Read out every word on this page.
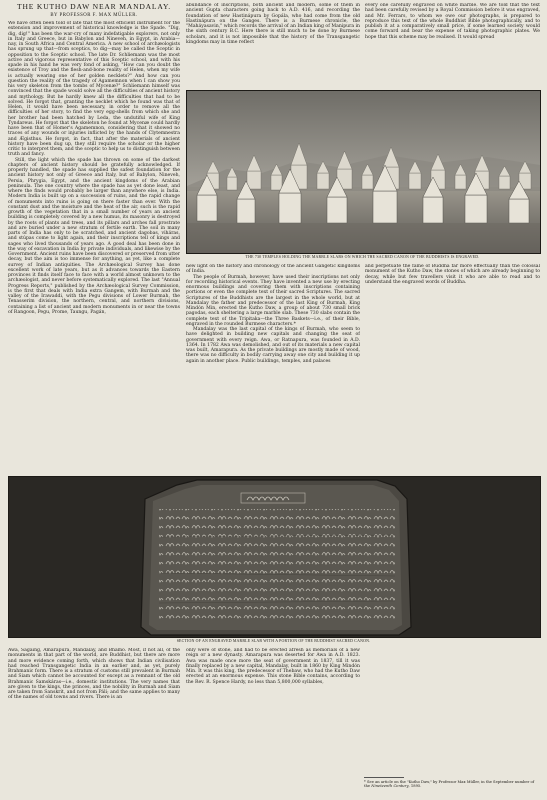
THE KUTHO DAW NEAR MANDALAY.
BY PROFESSOR F. MAX MÜLLER.

We have often been told of late that the most efficient instrument for the extension and improvement of historical knowledge is the Spade. "Dig, dig, dig!" has been the war-cry of many indefatigable explorers, not only in Italy and Greece, but in Babylon and Nineveh, in Egypt, in Arabia—nay, in South Africa and Central America. A new school of archæologists has sprung up that—from sceptics, to dig—may be called the Sceptic in opposition to the Sceptic school. The late Dr. Schliemann was the most active and vigorous representative of this Sceptic school, and with his spade in his hand he was very fond of asking, "How can you doubt the existence of Troy and the flesh-and-bone reality of Helen, when my wife is actually wearing one of her golden necklets?" And how can you question the reality of the tragedy of Agamemnon when I can show you his very skeleton from the tombs of Mycenæ?" Schliemann himself was convinced that the spade would solve all the difficulties of ancient history and mythology. But he hardly knew all the difficulties that had to be solved. He forgot that, granting the necklet which he found was that of Helen, it would have been necessary, in order to remove all the difficulties of her story, to find the very egg-shells from which she and her brother had been hatched by Leda, the undutiful wife of King Tyndareus. He forgot that the skeleton he found at Mycenæ could hardly have been that of Homer's Agamemnon, considering that it showed no traces of any wounds or injuries inflicted by the hands of Clytemnestra and Ægisthus. He forgot, in fact, that after the materials of ancient history have been dug up, they still require the scholar or the higher critic to interpret them, and the sceptic to help us to distinguish between truth and fancy.

Still, the light which the spade has thrown on some of the darkest chapters of ancient history should be gratefully acknowledged. If properly handled, the spade has supplied the safest foundation for the ancient history not only of Greece and Italy, but of Babylon, Nineveh, Persia, Phrygia, Egypt, and the ancient kingdoms of the Arabian peninsula. The one country where the spade has as yet done least, and where the finds would probably be larger than anywhere else, is India. Modern India is built up on a succession of ruins, and the rapid change of monuments into ruins is going on there faster than ever. With the constant dust and the moisture and the heat of the air, such is the rapid growth of the vegetation that in a small number of years an ancient building is completely covered by a new humus, its masonry is destroyed by the roots of plants and trees, and its pillars and arches fall prostrate and are buried under a new stratum of fertile earth. The soil in many parts of India has only to be scratched, and ancient dagobas, viháras, and stúpas come to light again, and their inscriptions tell of kings and sages who lived thousands of years ago. A good deal has been done in the way of excavation in India by private individuals, and likewise by the Government. Ancient ruins have been discovered or preserved from utter decay, but the aim is too immense for anything, as yet, like a complete survey of Indian antiquities. The Archæological Survey has done excellent work of late years, but as it advances towards the Eastern provinces it finds itself face to face with a world almost unknown to the archæologist, and never before systematically explored. The last "Annual Progress Reports," published by the Archæological Survey Commission, is the first that deals with India extra Gangem, with Burmah and the valley of the Irawaddi, with the Pegu divisions of Lower Burmah, the Tenasserim division, the northern, central, and northern divisions, containing a list of ancient and modern monuments in or near the towns of Rangoon, Pegu, Prome, Taungu, Pagán,

abundance of inscriptions, both ancient and modern, some of them in ancient Gupta characters going back to A.D. 416, and recording the foundation of new Hastinápura by Gopála, who had come from the old Hastinápura on the Ganges. There is a Burmese chronicle, the "Maháyasavin," which records the arrival of an Indian king of Manipura in the sixth century B.C. Here there is still much to be done by Burmese scholars, and it is not impossible that the history of the Transgangetic kingdoms may in time reflect

every one carefully engraved on white marble. We are told that the text had been carefully revised by a Royal Commission before it was engraved, and Mr. Ferrars, to whom we owe our photographs, is prepared to reproduce this text of the whole Buddhist Bible photographically, and to publish it at a comparatively small price, if some learned society would come forward and bear the expense of taking photographic plates. We hope that this scheme may be realised. It would spread

THE 730 TEMPLES HOLDING THE MARBLE SLABS ON WHICH THE SACRED CANON OF THE BUDDHISTS IS ENGRAVED.

new light on the history and chronology of the ancient Gangetic kingdoms of India.

The people of Burmah, however, have used their inscriptions not only for recording historical events. They have invented a new use by erecting enormous buildings and covering them with inscriptions containing portions or even the complete text of their sacred Scriptures. The sacred Scriptures of the Buddhists are the largest in the whole world, but at Mandalay the father and predecessor of the last King of Burmah, King Mindón Min, erected the Kutho Daw, a group of about 730 small brick pagodas, each sheltering a large marble slab. These 730 slabs contain the complete text of the Tripitaka—the Three Baskets—i.e., of their Bible, engraved in the rounded Burmese characters.*

Mandalay was the last capital of the kings of Burmah, who seem to have delighted in building new capitals and changing the seat of government with every reign. Awa, or Ratnapura, was founded in A.D. 1364. In 1782 Awa was demolished, and out of its materials a new capital was built, Amarapura. As the private buildings are mostly made of wood, there was no difficulty in bodily carrying away one city and building it up again in another place. Public buildings, temples, and palaces

and perpetuate the fame of Buddha far more effectually than the colossal monument of the Kutho Daw, the stones of which are already beginning to decay, while but few travellers visit it who are able to read and to understand the engraved words of Buddha.

SECTION OF AN ENGRAVED MARBLE SLAB WITH A PORTION OF THE BUDDHIST SACRED CANON.

Awa, Sagaing, Amarapura, Mandalay, and Bhamo. Most, if not all, of the monuments in that part of the world, are Buddhist, but there are more and more evidence coming forth, which shows that Indian civilisation had reached Transgangetic India in an earlier and, as yet, purely Brahmanic form. There is a stratum of customs still prevalent in Burmah and Siam which cannot be accounted for except as a remnant of the old Brahmanic Samskáras—i.e., domestic institutions. The very names that are given to the kings, the princes, and the nobility in Burmah and Siam are taken from Sanskrit, and not from Páli; and the same applies to many of the names of old towns and rivers. There is an

only were of stone, and had to be erected afresh as memorials of a new reign or a new dynasty. Amarapura was deserted for Awa in A.D. 1823. Awa was made once more the seat of government in 1837, till it was finally replaced by a new capital, Mandalay, built in 1860 by King Mindón Min. It was this king, the predecessor of Thebaw, who had the Kutho Daw erected at an enormous expense. This stone Bible contains, according to the Rev. R. Spence Hardy, no less than 5,800,000 syllables,

* See an article on the "Kutho Daw," by Professor Max Müller, in the September number of the Nineteenth Century, 1895.
